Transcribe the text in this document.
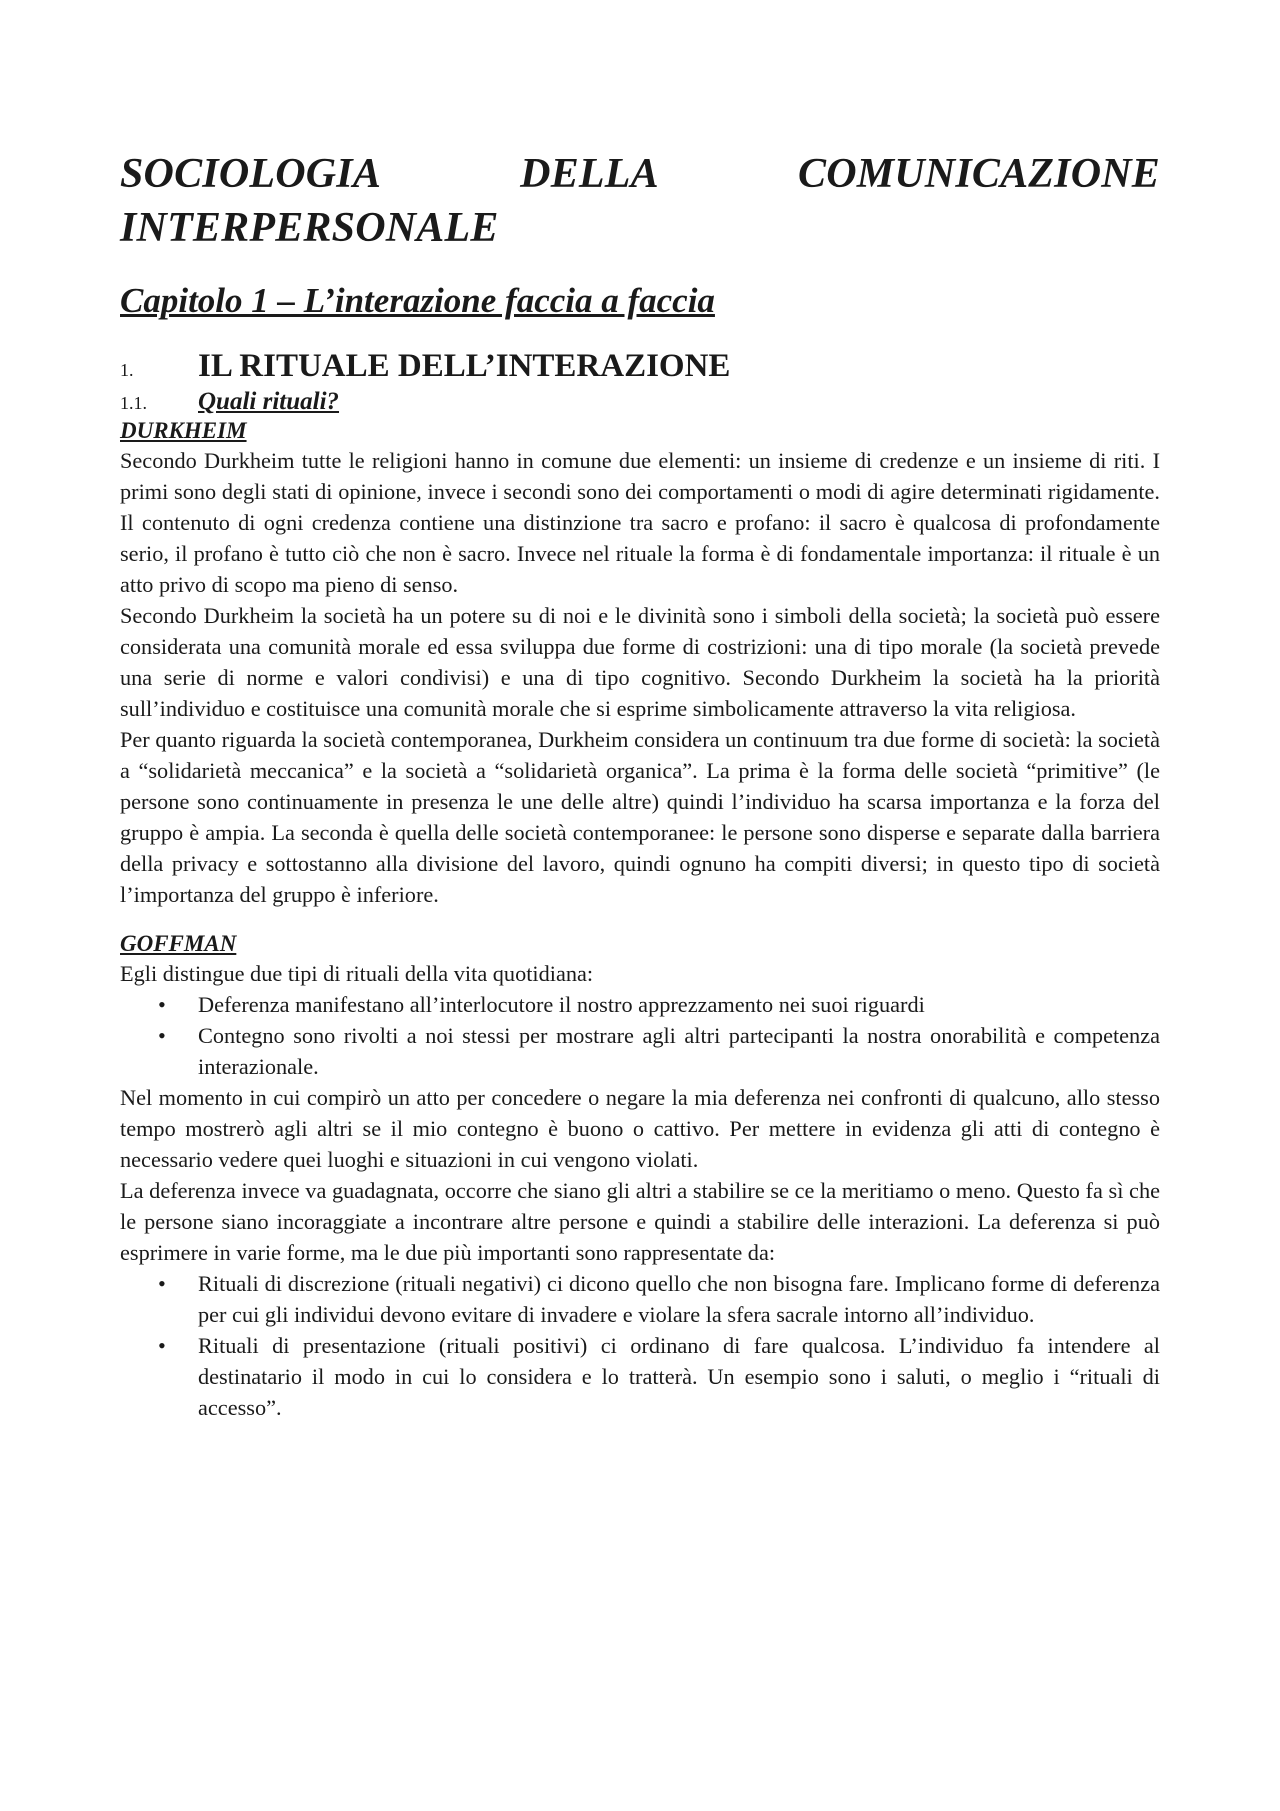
SOCIOLOGIA DELLA COMUNICAZIONE INTERPERSONALE
Capitolo 1 – L’interazione faccia a faccia
1.	IL RITUALE DELL’INTERAZIONE
1.1.	Quali rituali?
DURKHEIM

Secondo Durkheim tutte le religioni hanno in comune due elementi: un insieme di credenze e un insieme di riti. I primi sono degli stati di opinione, invece i secondi sono dei comportamenti o modi di agire determinati rigidamente. Il contenuto di ogni credenza contiene una distinzione tra sacro e profano: il sacro è qualcosa di profondamente serio, il profano è tutto ciò che non è sacro. Invece nel rituale la forma è di fondamentale importanza: il rituale è un atto privo di scopo ma pieno di senso.

Secondo Durkheim la società ha un potere su di noi e le divinità sono i simboli della società; la società può essere considerata una comunità morale ed essa sviluppa due forme di costrizioni: una di tipo morale (la società prevede una serie di norme e valori condivisi) e una di tipo cognitivo. Secondo Durkheim la società ha la priorità sull’individuo e costituisce una comunità morale che si esprime simbolicamente attraverso la vita religiosa.

Per quanto riguarda la società contemporanea, Durkheim considera un continuum tra due forme di società: la società a “solidarietà meccanica” e la società a “solidarietà organica”. La prima è la forma delle società “primitive” (le persone sono continuamente in presenza le une delle altre) quindi l’individuo ha scarsa importanza e la forza del gruppo è ampia. La seconda è quella delle società contemporanee: le persone sono disperse e separate dalla barriera della privacy e sottostanno alla divisione del lavoro, quindi ognuno ha compiti diversi; in questo tipo di società l’importanza del gruppo è inferiore.

GOFFMAN

Egli distingue due tipi di rituali della vita quotidiana:

• Deferenza manifestano all’interlocutore il nostro apprezzamento nei suoi riguardi
• Contegno sono rivolti a noi stessi per mostrare agli altri partecipanti la nostra onorabilità e competenza interazionale.

Nel momento in cui compirò un atto per concedere o negare la mia deferenza nei confronti di qualcuno, allo stesso tempo mostrerò agli altri se il mio contegno è buono o cattivo. Per mettere in evidenza gli atti di contegno è necessario vedere quei luoghi e situazioni in cui vengono violati.

La deferenza invece va guadagnata, occorre che siano gli altri a stabilire se ce la meritiamo o meno. Questo fa sì che le persone siano incoraggiate a incontrare altre persone e quindi a stabilire delle interazioni. La deferenza si può esprimere in varie forme, ma le due più importanti sono rappresentate da:

• Rituali di discrezione (rituali negativi) ci dicono quello che non bisogna fare. Implicano forme di deferenza per cui gli individui devono evitare di invadere e violare la sfera sacrale intorno all’individuo.
• Rituali di presentazione (rituali positivi) ci ordinano di fare qualcosa. L’individuo fa intendere al destinatario il modo in cui lo considera e lo tratterà. Un esempio sono i saluti, o meglio i “rituali di accesso”.
